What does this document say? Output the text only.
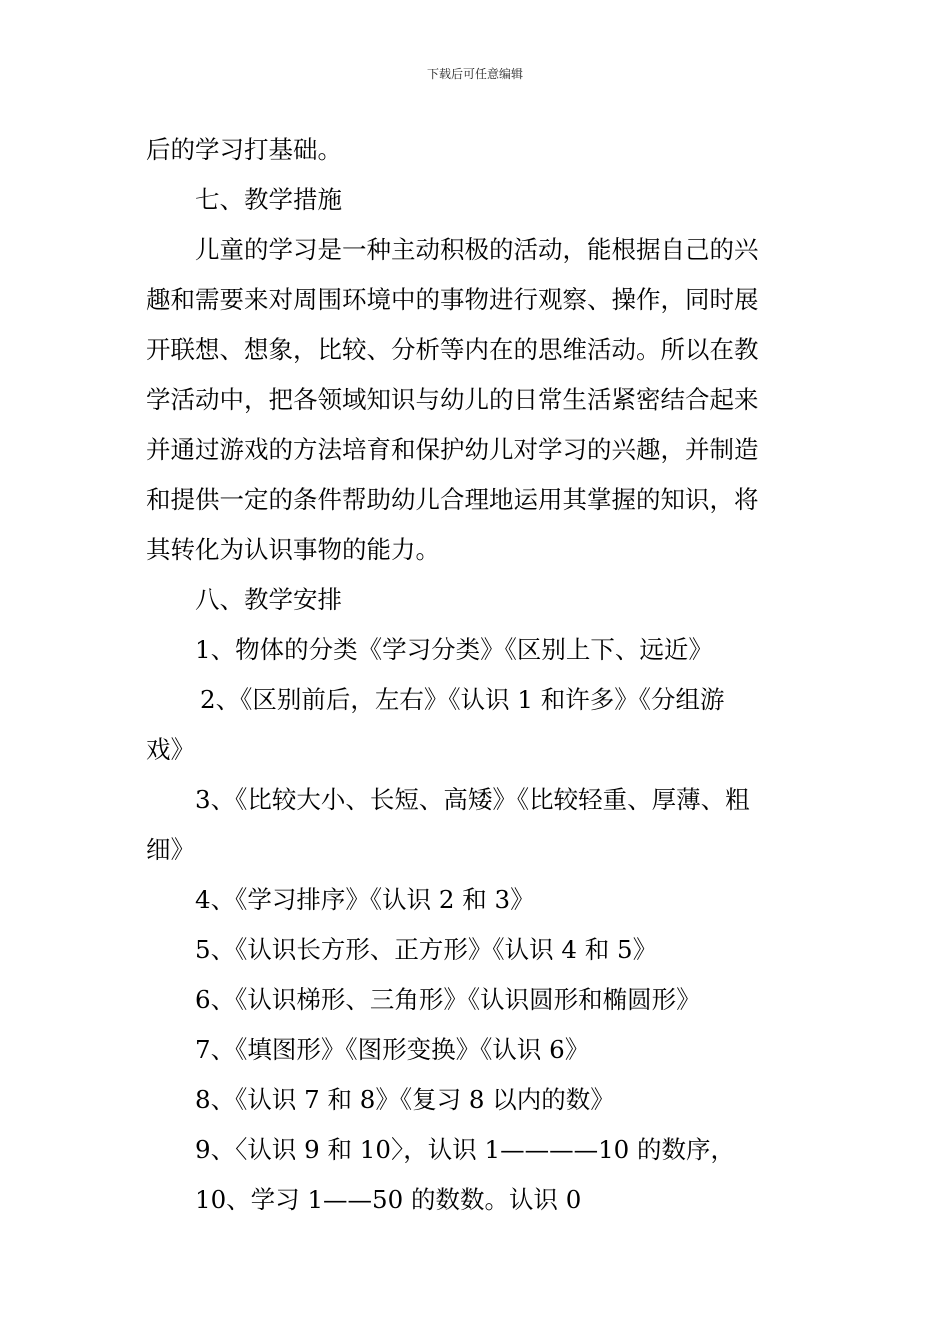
下载后可任意编辑
后的学习打基础。
七、教学措施
儿童的学习是一种主动积极的活动，能根据自己的兴
趣和需要来对周围环境中的事物进行观察、操作，同时展
开联想、想象，比较、分析等内在的思维活动。所以在教
学活动中，把各领域知识与幼儿的日常生活紧密结合起来
并通过游戏的方法培育和保护幼儿对学习的兴趣，并制造
和提供一定的条件帮助幼儿合理地运用其掌握的知识，将
其转化为认识事物的能力。
八、教学安排
1、物体的分类《学习分类》《区别上下、远近》
2、《区别前后，左右》《认识 1 和许多》《分组游
戏》
3、《比较大小、长短、高矮》《比较轻重、厚薄、粗
细》
4、《学习排序》《认识 2 和 3》
5、《认识长方形、正方形》《认识 4 和 5》
6、《认识梯形、三角形》《认识圆形和椭圆形》
7、《填图形》《图形变换》《认识 6》
8、《认识 7 和 8》《复习 8 以内的数》
9、〈认识 9 和 10〉，认识 1————10 的数序，
10、学习 1——50 的数数。认识 0
